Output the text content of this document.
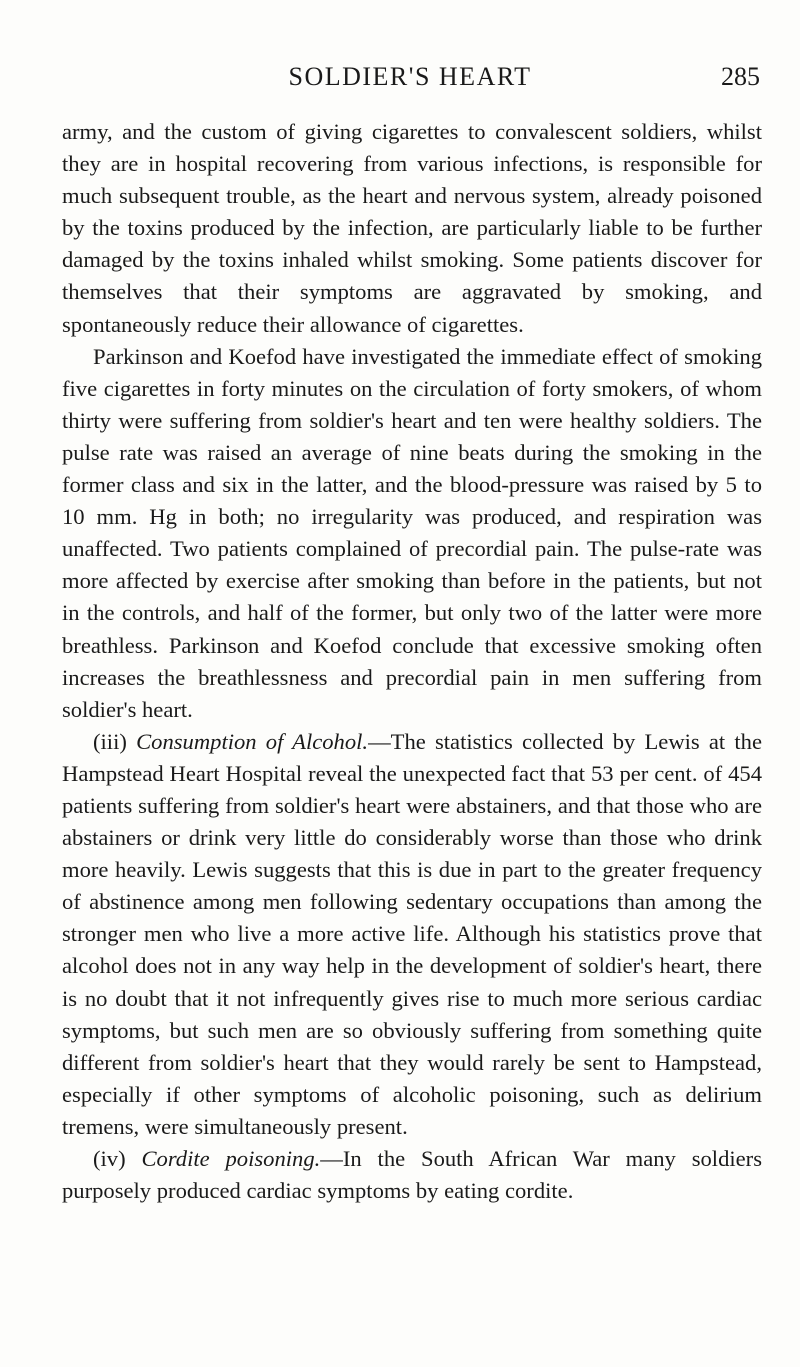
SOLDIER'S HEART	285

army, and the custom of giving cigarettes to convalescent soldiers, whilst they are in hospital recovering from various infections, is responsible for much subsequent trouble, as the heart and nervous system, already poisoned by the toxins produced by the infection, are particularly liable to be further damaged by the toxins inhaled whilst smoking. Some patients discover for themselves that their symptoms are aggravated by smoking, and spontaneously reduce their allowance of cigarettes.

Parkinson and Koefod have investigated the immediate effect of smoking five cigarettes in forty minutes on the circulation of forty smokers, of whom thirty were suffering from soldier's heart and ten were healthy soldiers. The pulse rate was raised an average of nine beats during the smoking in the former class and six in the latter, and the blood-pressure was raised by 5 to 10 mm. Hg in both; no irregularity was produced, and respiration was unaffected. Two patients complained of precordial pain. The pulse-rate was more affected by exercise after smoking than before in the patients, but not in the controls, and half of the former, but only two of the latter were more breathless. Parkinson and Koefod conclude that excessive smoking often increases the breathlessness and precordial pain in men suffering from soldier's heart.

(iii) Consumption of Alcohol.—The statistics collected by Lewis at the Hampstead Heart Hospital reveal the unexpected fact that 53 per cent. of 454 patients suffering from soldier's heart were abstainers, and that those who are abstainers or drink very little do considerably worse than those who drink more heavily. Lewis suggests that this is due in part to the greater frequency of abstinence among men following sedentary occupations than among the stronger men who live a more active life. Although his statistics prove that alcohol does not in any way help in the development of soldier's heart, there is no doubt that it not infrequently gives rise to much more serious cardiac symptoms, but such men are so obviously suffering from something quite different from soldier's heart that they would rarely be sent to Hampstead, especially if other symptoms of alcoholic poisoning, such as delirium tremens, were simultaneously present.

(iv) Cordite poisoning.—In the South African War many soldiers purposely produced cardiac symptoms by eating cordite.
